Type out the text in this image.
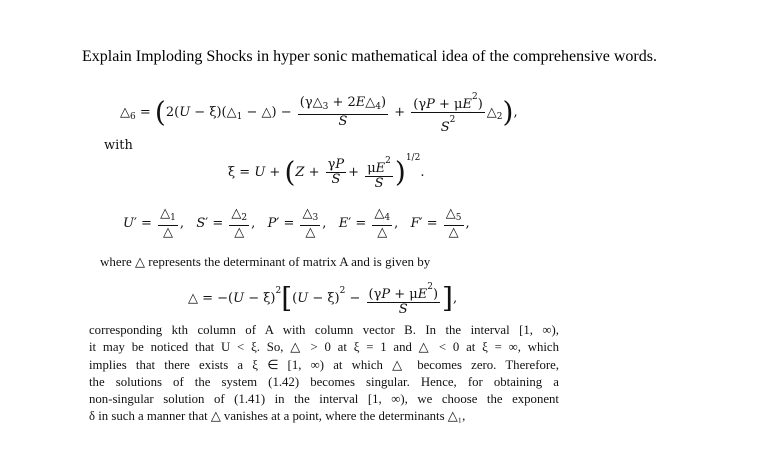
Explain Imploding Shocks in hyper sonic mathematical idea of the comprehensive words.
$\triangle_6 = (2(U$ − $\xi)(\triangle_1$ − △) − $\frac{(\gamma\triangle_3 + 2E\triangle_4)}{S} + \frac{(\gamma P + \mu E^2)}{S^2}$ $\triangle_2$),
with
$\xi = U + (Z + \frac{\gamma P}{S} + \frac{\mu E^2}{S} )^{1/2}$.
$U' = \frac{\triangle_1}{\triangle}$ ,   $S' = \frac{\triangle_2}{\triangle}$ ,   $P' = \frac{\triangle_3}{\triangle}$ ,   $E' = \frac{\triangle_4}{\triangle}$ ,   $F' = \frac{\triangle_5}{\triangle}$ ,
where △ represents the determinant of matrix A and is given by
△ = $-(U - \xi)^2[(U - \xi)^2 - \frac{(\gamma P + \mu E^2)}{S}$ ],
corresponding kth column of A with column vector B. In the interval [1, ∞),
it may be noticed that U < ξ. So, △ > 0 at ξ = 1 and △ < 0 at ξ = ∞, which
implies that there exists a ξ ∈ [1, ∞) at which △ becomes zero. Therefore,
the solutions of the system (1.42) becomes singular. Hence, for obtaining a
non-singular solution of (1.41) in the interval [1, ∞), we choose the exponent
δ in such a manner that △ vanishes at a point, where the determinants △₁,
